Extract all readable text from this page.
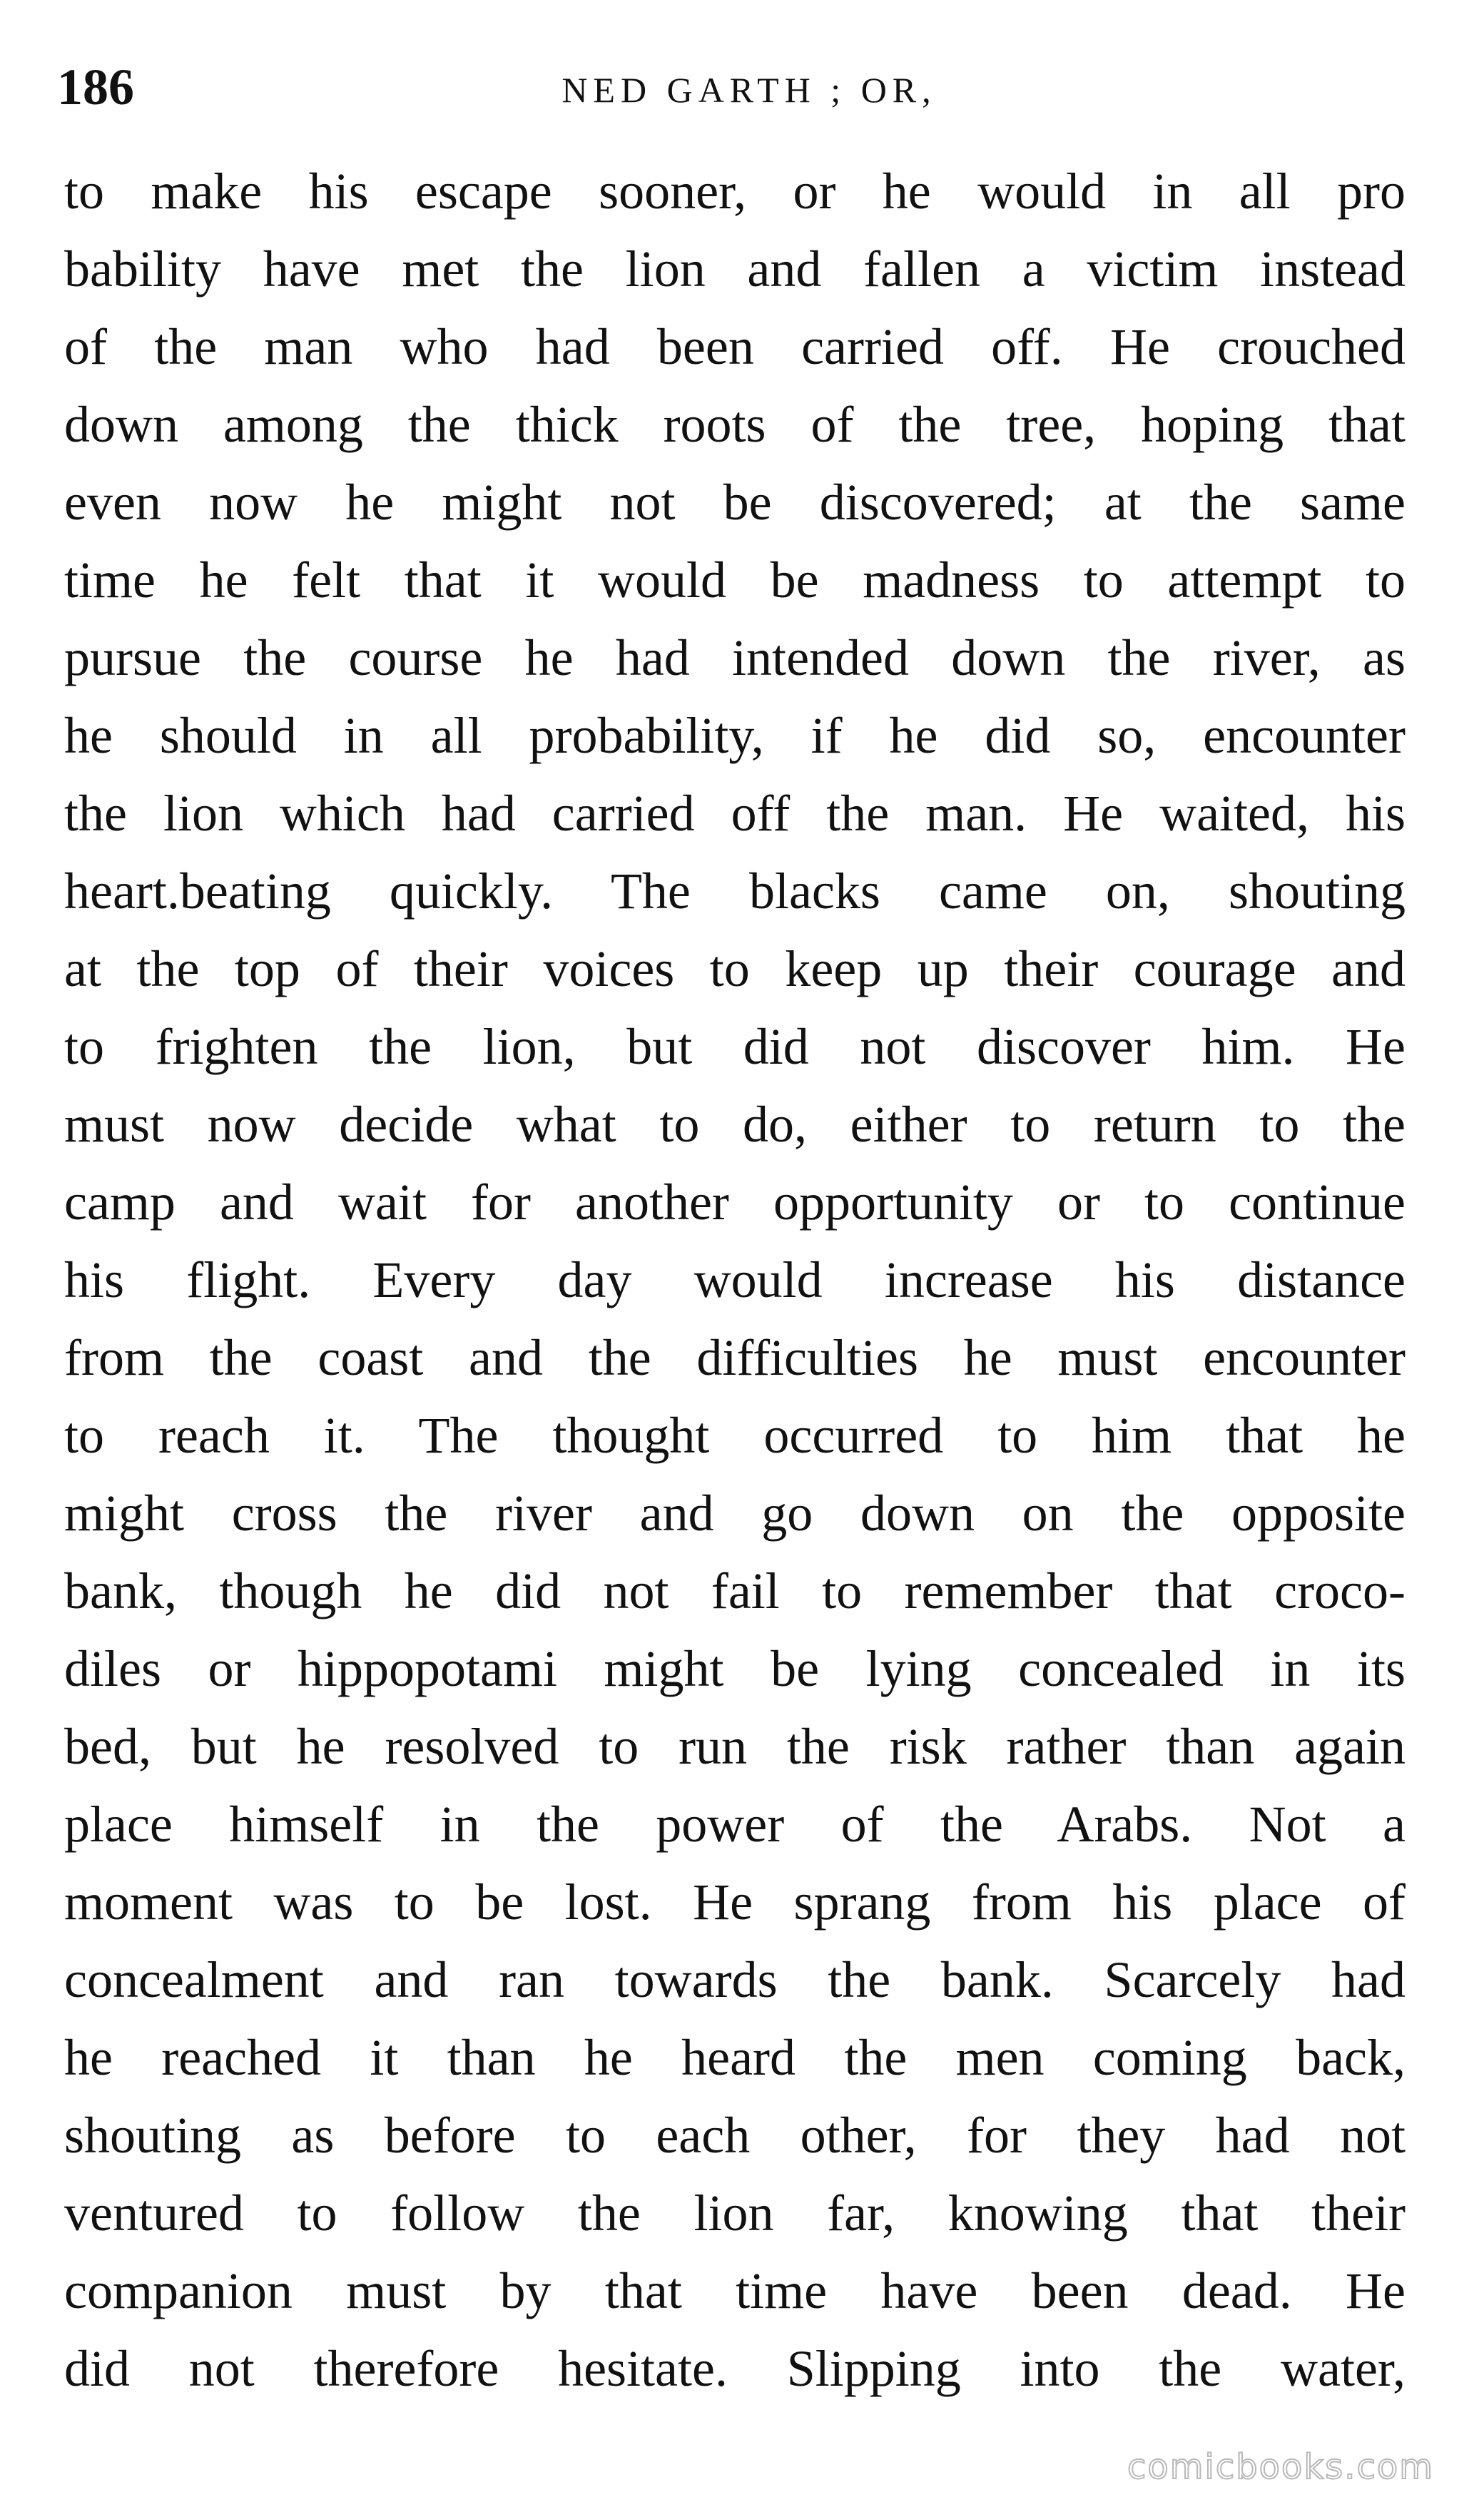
186	NED GARTH ; OR,
to make his escape sooner, or he would in all pro
bability have met the lion and fallen a victim instead
of the man who had been carried off. He crouched
down among the thick roots of the tree, hoping that
even now he might not be discovered; at the same
time he felt that it would be madness to attempt to
pursue the course he had intended down the river, as
he should in all probability, if he did so, encounter
the lion which had carried off the man. He waited, his
heart.beating quickly. The blacks came on, shouting
at the top of their voices to keep up their courage and
to frighten the lion, but did not discover him. He
must now decide what to do, either to return to the
camp and wait for another opportunity or to continue
his flight. Every day would increase his distance
from the coast and the difficulties he must encounter
to reach it. The thought occurred to him that he
might cross the river and go down on the opposite
bank, though he did not fail to remember that croco-
diles or hippopotami might be lying concealed in its
bed, but he resolved to run the risk rather than again
place himself in the power of the Arabs. Not a
moment was to be lost. He sprang from his place of
concealment and ran towards the bank. Scarcely had
he reached it than he heard the men coming back,
shouting as before to each other, for they had not
ventured to follow the lion far, knowing that their
companion must by that time have been dead. He
did not therefore hesitate. Slipping into the water,
comicbooks.com
